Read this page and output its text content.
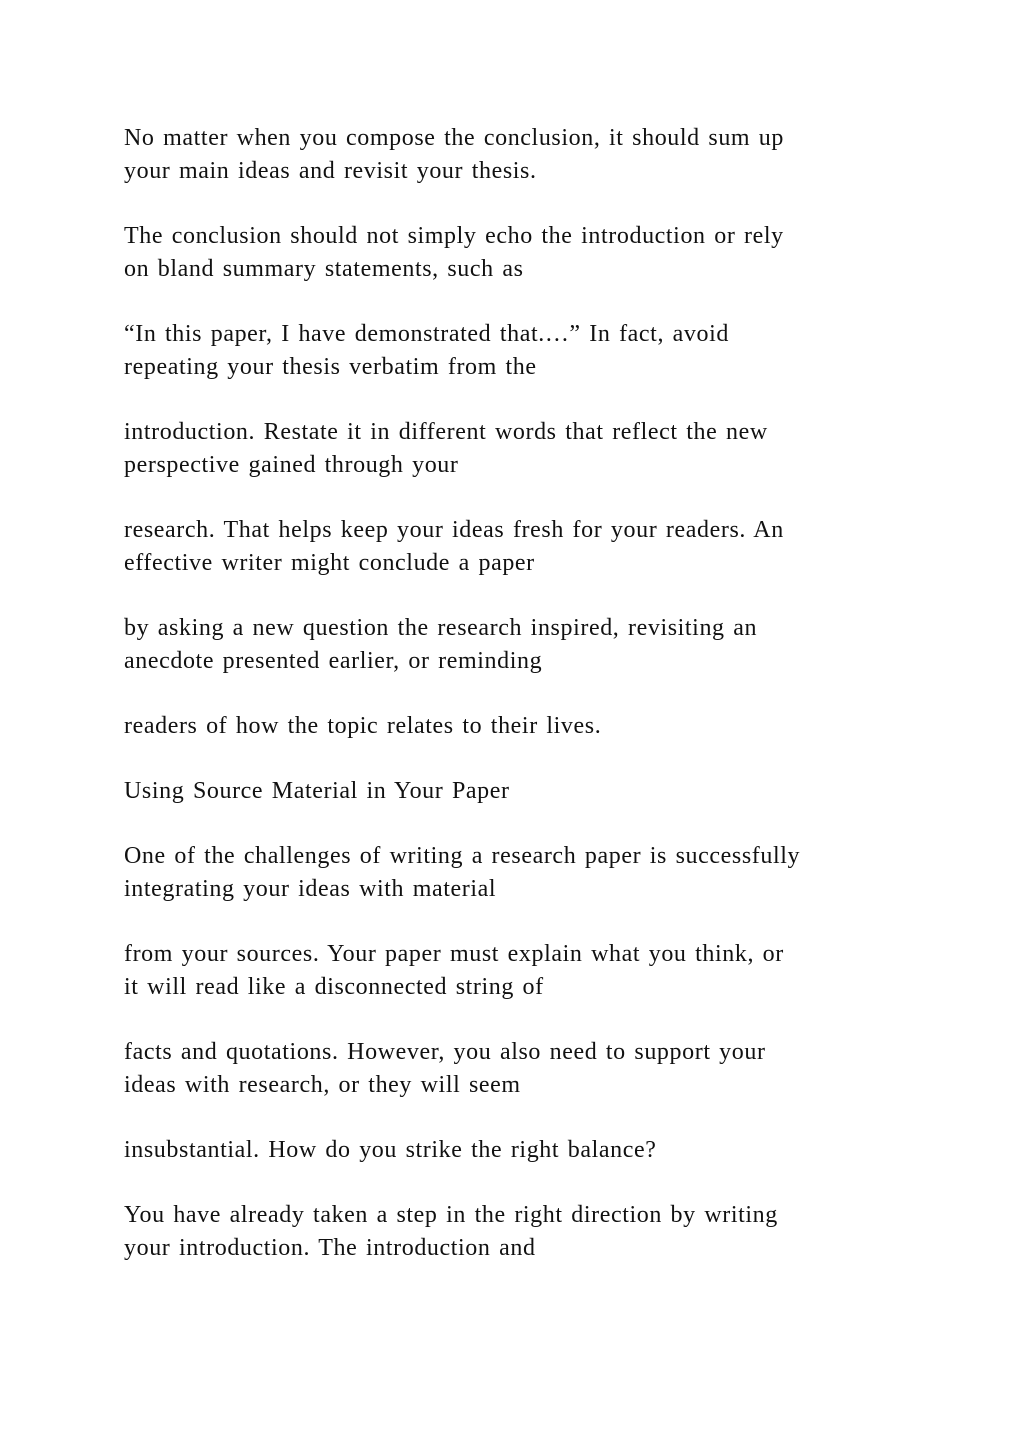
No matter when you compose the conclusion, it should sum up
your main ideas and revisit your thesis.

The conclusion should not simply echo the introduction or rely
on bland summary statements, such as

“In this paper, I have demonstrated that.…” In fact, avoid
repeating your thesis verbatim from the

introduction. Restate it in different words that reflect the new
perspective gained through your

research. That helps keep your ideas fresh for your readers. An
effective writer might conclude a paper

by asking a new question the research inspired, revisiting an
anecdote presented earlier, or reminding

readers of how the topic relates to their lives.

Using Source Material in Your Paper

One of the challenges of writing a research paper is successfully
integrating your ideas with material

from your sources. Your paper must explain what you think, or
it will read like a disconnected string of

facts and quotations. However, you also need to support your
ideas with research, or they will seem

insubstantial. How do you strike the right balance?

You have already taken a step in the right direction by writing
your introduction. The introduction and
